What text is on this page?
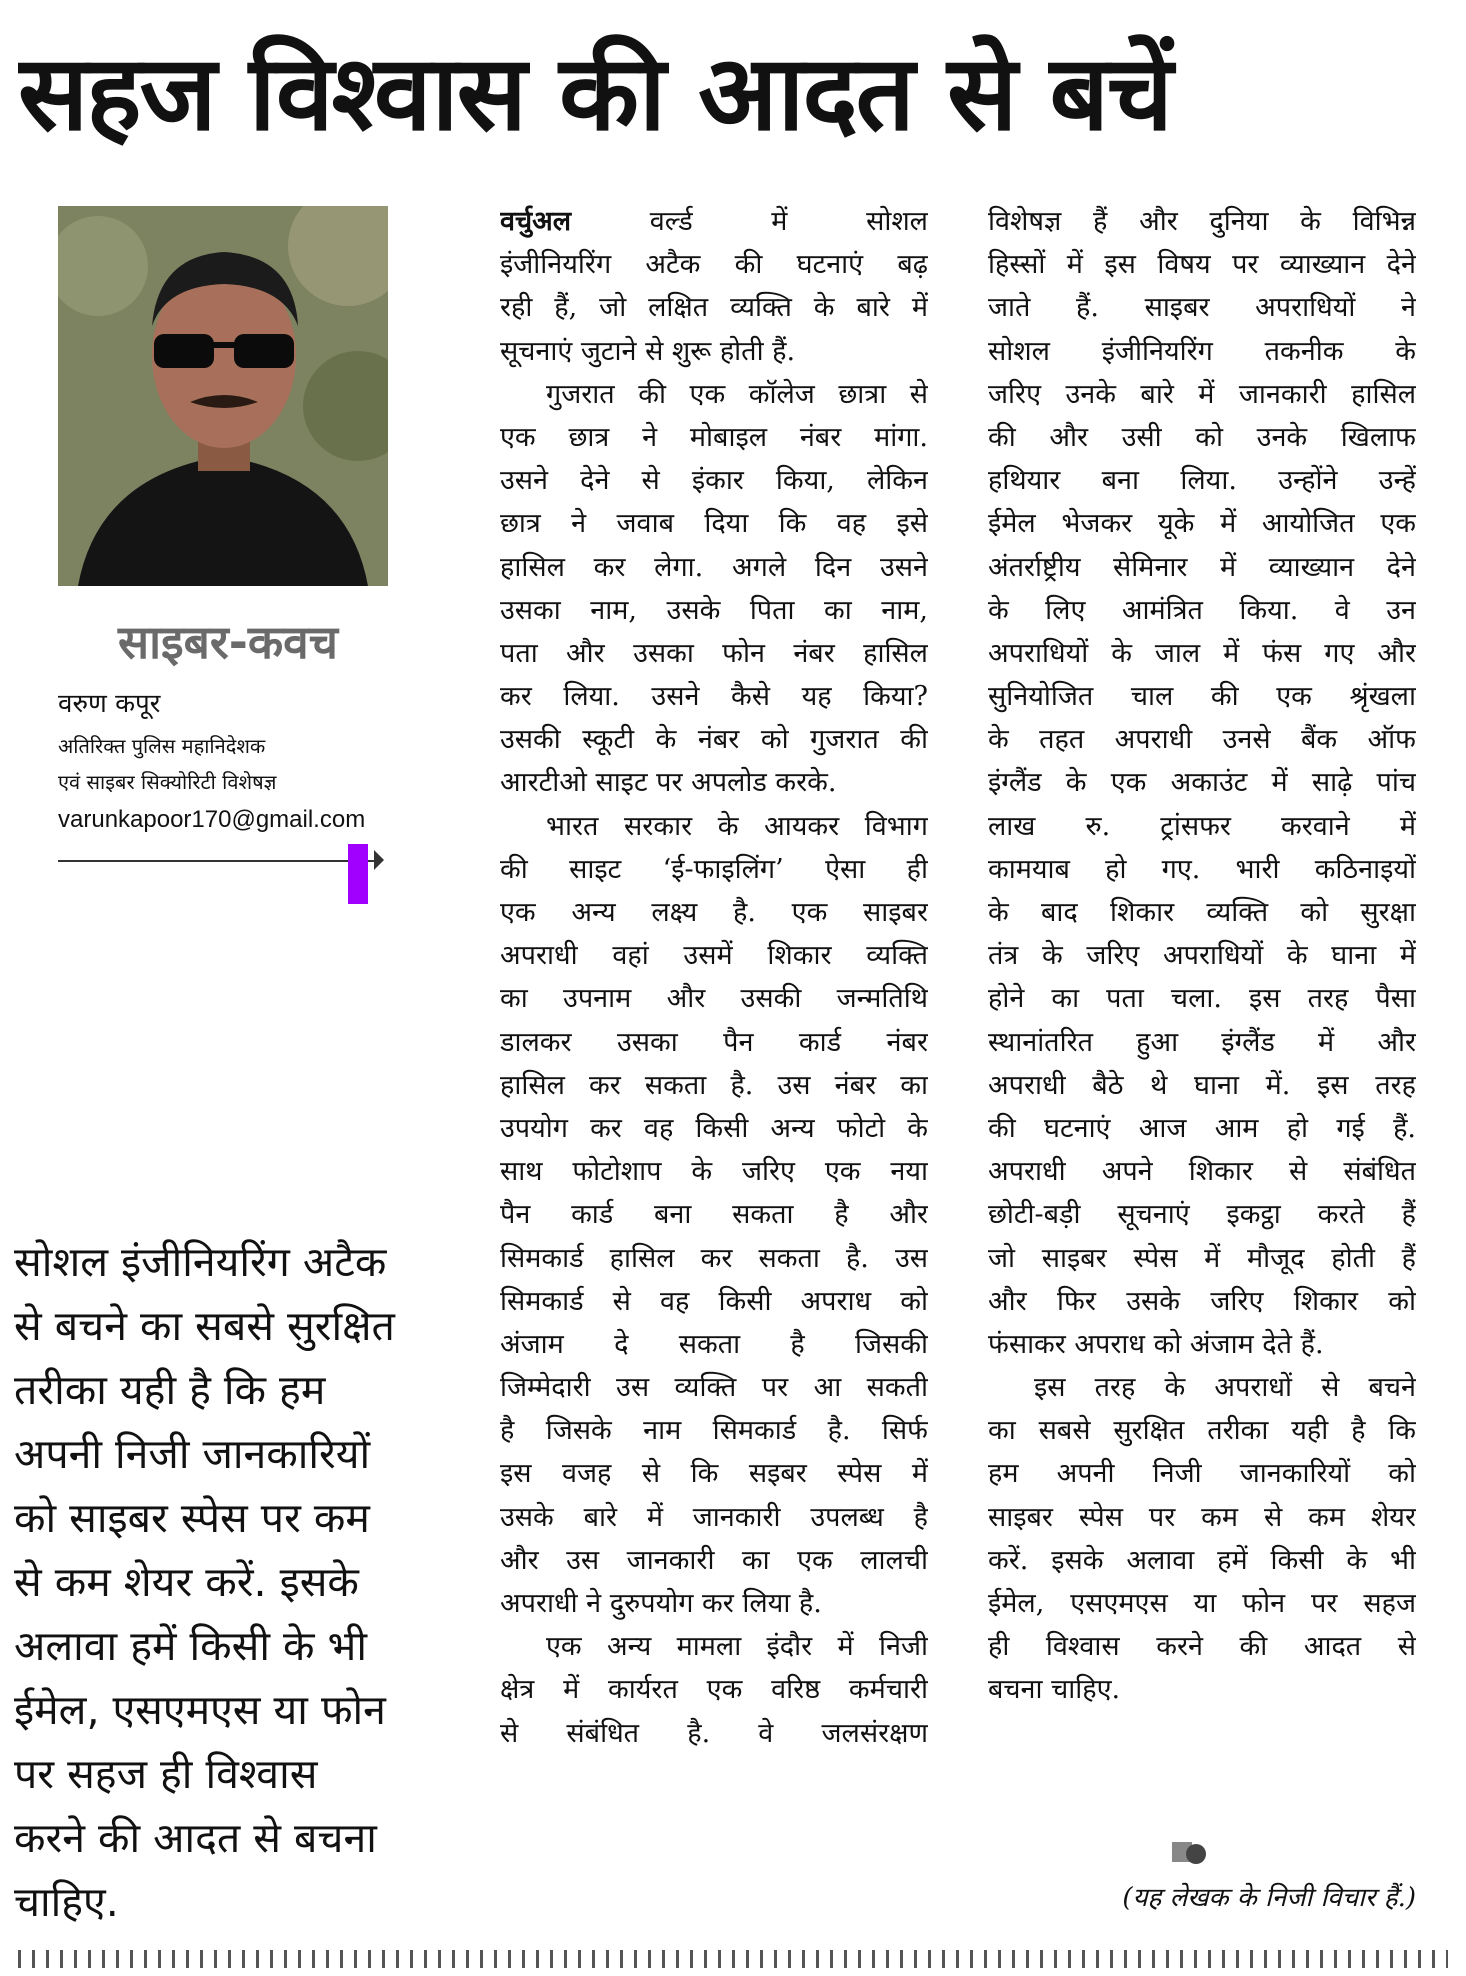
सहज विश्वास की आदत से बचें
साइबर-कवच
वरुण कपूर
अतिरिक्त पुलिस महानिदेशक
एवं साइबर सिक्योरिटी विशेषज्ञ
varunkapoor170@gmail.com
सोशल इंजीनियरिंग अटैक
से बचने का सबसे सुरक्षित
तरीका यही है कि हम
अपनी निजी जानकारियों
को साइबर स्पेस पर कम
से कम शेयर करें. इसके
अलावा हमें किसी के भी
ईमेल, एसएमएस या फोन
पर सहज ही विश्वास
करने की आदत से बचना
चाहिए.
वर्चुअल	वर्ल्ड में सोशल
इंजीनियरिंग अटैक की घटनाएं बढ़
रही हैं, जो लक्षित व्यक्ति के बारे में
सूचनाएं जुटाने से शुरू होती हैं.
गुजरात की एक कॉलेज छात्रा से
एक छात्र ने मोबाइल नंबर मांगा.
उसने देने से इंकार किया, लेकिन
छात्र ने जवाब दिया कि वह इसे
हासिल कर लेगा. अगले दिन उसने
उसका नाम, उसके पिता का नाम,
पता और उसका फोन नंबर हासिल
कर लिया. उसने कैसे यह किया?
उसकी स्कूटी के नंबर को गुजरात की
आरटीओ साइट पर अपलोड करके.
भारत सरकार के आयकर विभाग
की साइट ‘ई-फाइलिंग’ ऐसा ही
एक अन्य लक्ष्य है. एक साइबर
अपराधी वहां उसमें शिकार व्यक्ति
का उपनाम और उसकी जन्मतिथि
डालकर उसका पैन कार्ड नंबर
हासिल कर सकता है. उस नंबर का
उपयोग कर वह किसी अन्य फोटो के
साथ फोटोशाप के जरिए एक नया
पैन कार्ड बना सकता है और
सिमकार्ड हासिल कर सकता है. उस
सिमकार्ड से वह किसी अपराध को
अंजाम दे सकता है जिसकी
जिम्मेदारी उस व्यक्ति पर आ सकती
है जिसके नाम सिमकार्ड है. सिर्फ
इस वजह से कि सइबर स्पेस में
उसके बारे में जानकारी उपलब्ध है
और उस जानकारी का एक लालची
अपराधी ने दुरुपयोग कर लिया है.
एक अन्य मामला इंदौर में निजी
क्षेत्र में कार्यरत एक वरिष्ठ कर्मचारी
से संबंधित है. वे जलसंरक्षण
विशेषज्ञ हैं और दुनिया के विभिन्न
हिस्सों में इस विषय पर व्याख्यान देने
जाते हैं. साइबर अपराधियों ने
सोशल इंजीनियरिंग तकनीक के
जरिए उनके बारे में जानकारी हासिल
की और उसी को उनके खिलाफ
हथियार बना लिया. उन्होंने उन्हें
ईमेल भेजकर यूके में आयोजित एक
अंतर्राष्ट्रीय सेमिनार में व्याख्यान देने
के लिए आमंत्रित किया. वे उन
अपराधियों के जाल में फंस गए और
सुनियोजित चाल की एक श्रृंखला
के तहत अपराधी उनसे बैंक ऑफ
इंग्लैंड के एक अकाउंट में साढ़े पांच
लाख रु. ट्रांसफर करवाने में
कामयाब हो गए. भारी कठिनाइयों
के बाद शिकार व्यक्ति को सुरक्षा
तंत्र के जरिए अपराधियों के घाना में
होने का पता चला. इस तरह पैसा
स्थानांतरित हुआ इंग्लैंड में और
अपराधी बैठे थे घाना में. इस तरह
की घटनाएं आज आम हो गई हैं.
अपराधी अपने शिकार से संबंधित
छोटी-बड़ी सूचनाएं इकट्ठा करते हैं
जो साइबर स्पेस में मौजूद होती हैं
और फिर उसके जरिए शिकार को
फंसाकर अपराध को अंजाम देते हैं.
इस तरह के अपराधों से बचने
का सबसे सुरक्षित तरीका यही है कि
हम अपनी निजी जानकारियों को
साइबर स्पेस पर कम से कम शेयर
करें. इसके अलावा हमें किसी के भी
ईमेल, एसएमएस या फोन पर सहज
ही विश्वास करने की आदत से
बचना चाहिए.
(यह लेखक के निजी विचार हैं.)
